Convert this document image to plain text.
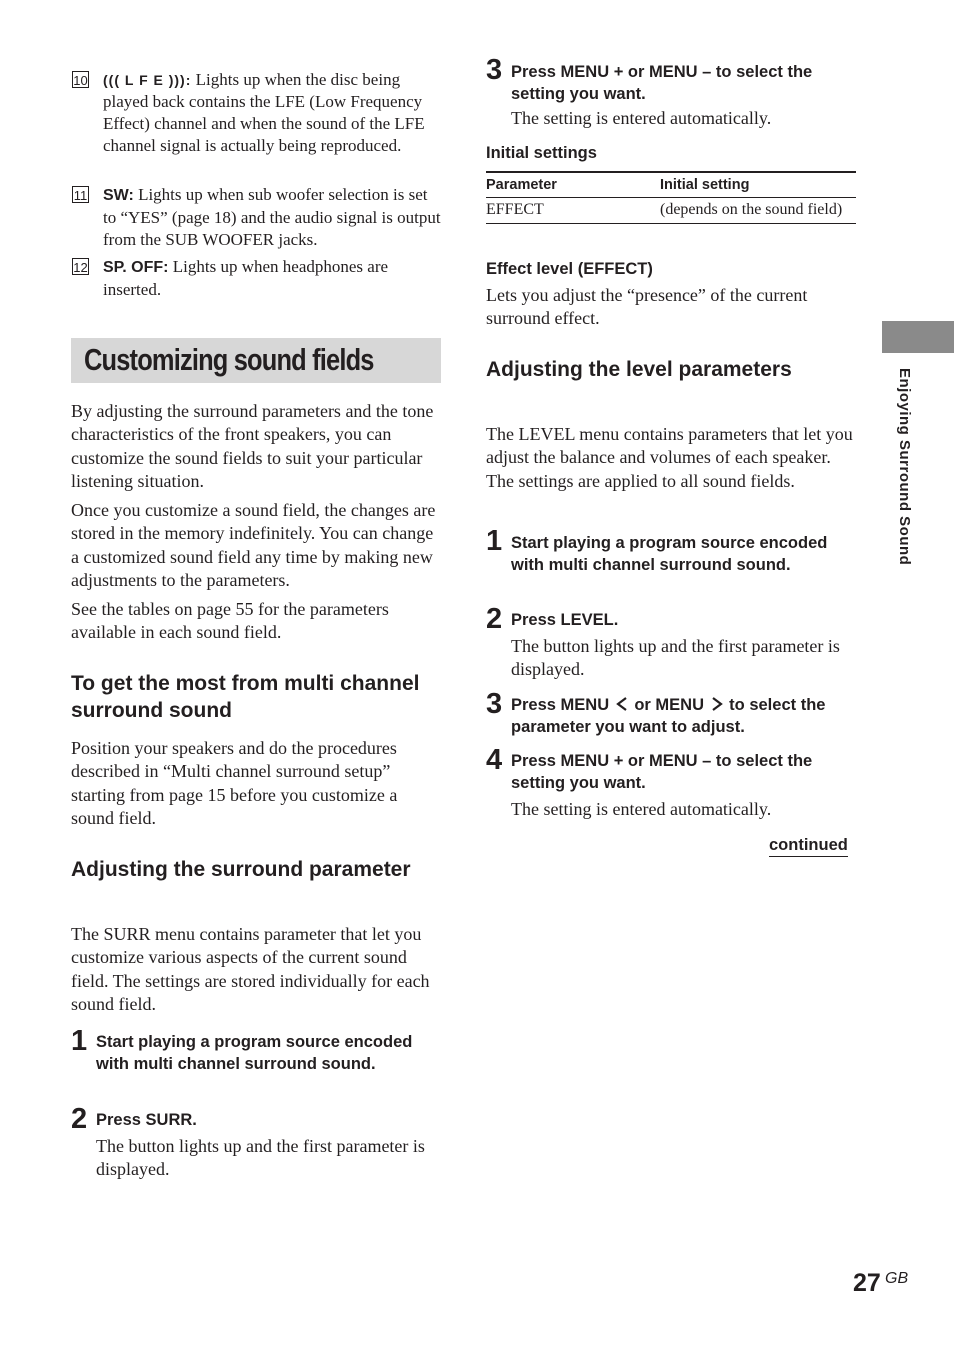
10 ((( L F E ))): Lights up when the disc being played back contains the LFE (Low Frequency Effect) channel and when the sound of the LFE channel signal is actually being reproduced.
11 SW: Lights up when sub woofer selection is set to “YES” (page 18) and the audio signal is output from the SUB WOOFER jacks.
12 SP. OFF: Lights up when headphones are inserted.
Customizing sound fields
By adjusting the surround parameters and the tone characteristics of the front speakers, you can customize the sound fields to suit your particular listening situation.
Once you customize a sound field, the changes are stored in the memory indefinitely. You can change a customized sound field any time by making new adjustments to the parameters.
See the tables on page 55 for the parameters available in each sound field.
To get the most from multi channel surround sound
Position your speakers and do the procedures described in “Multi channel surround setup” starting from page 15 before you customize a sound field.
Adjusting the surround parameter
The SURR menu contains parameter that let you customize various aspects of the current sound field. The settings are stored individually for each sound field.
1 Start playing a program source encoded with multi channel surround sound.
2 Press SURR.
The button lights up and the first parameter is displayed.
3 Press MENU + or MENU – to select the setting you want.
The setting is entered automatically.
Initial settings
Parameter	Initial setting
EFFECT	(depends on the sound field)
Effect level (EFFECT)
Lets you adjust the “presence” of the current surround effect.
Adjusting the level parameters
The LEVEL menu contains parameters that let you adjust the balance and volumes of each speaker. The settings are applied to all sound fields.
1 Start playing a program source encoded with multi channel surround sound.
2 Press LEVEL.
The button lights up and the first parameter is displayed.
3 Press MENU or MENU to select the parameter you want to adjust.
4 Press MENU + or MENU – to select the setting you want.
The setting is entered automatically.
continued
Enjoying Surround Sound
27 GB
